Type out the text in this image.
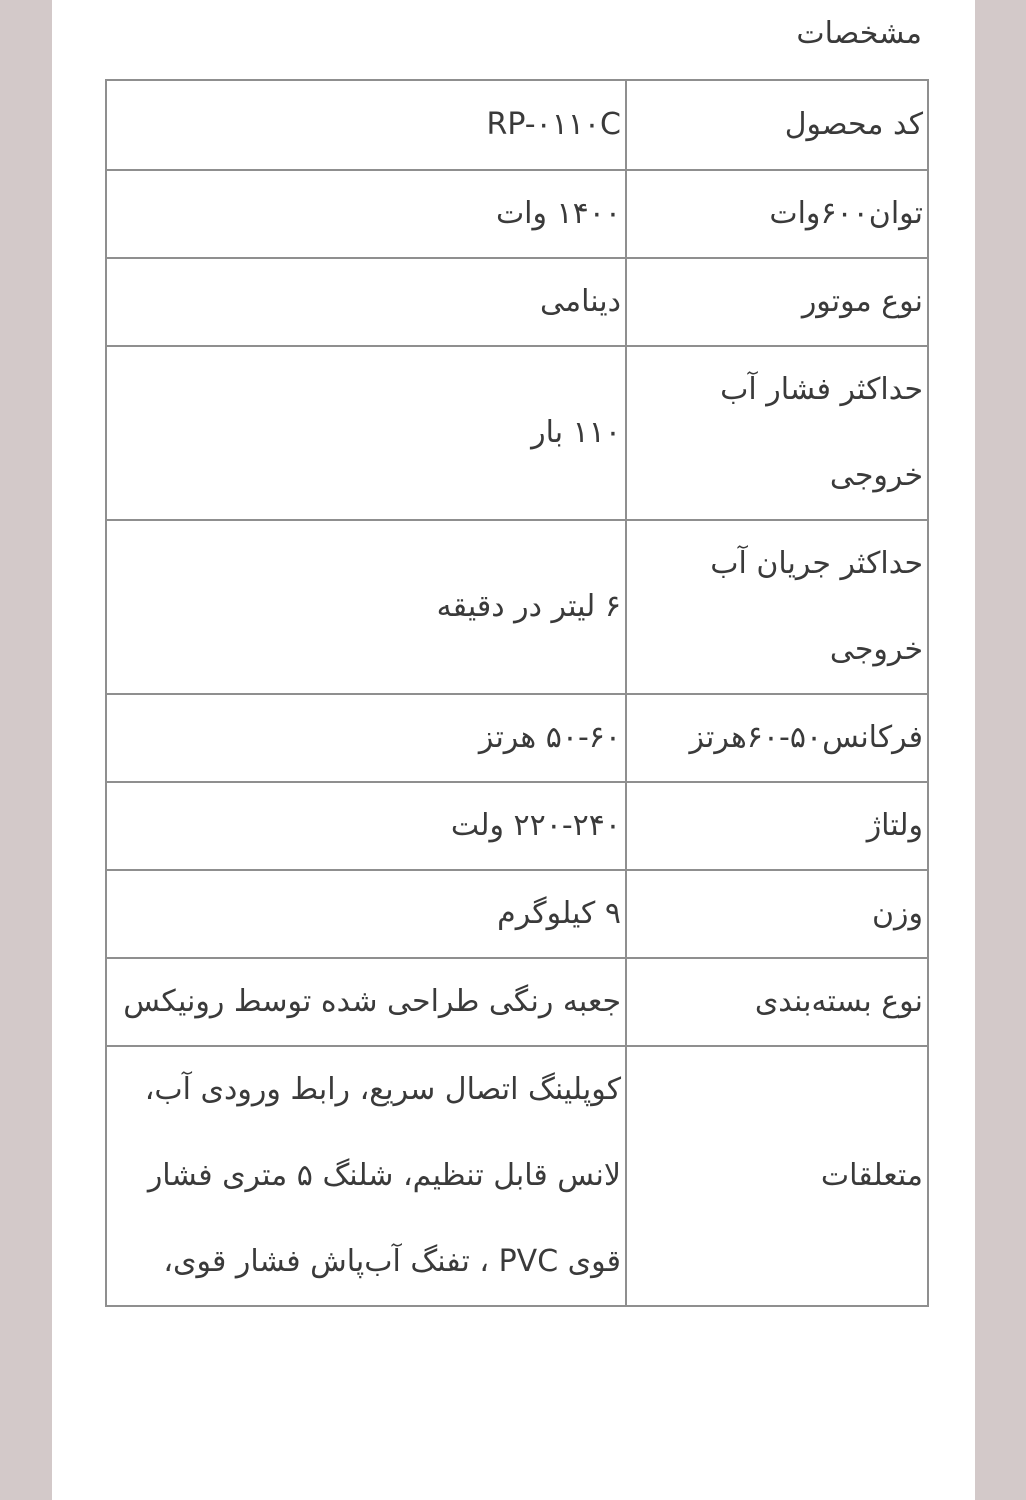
مشخصات
کد محصول	RP-۰۱۱۰C
توان۶۰۰وات	۱۴۰۰ وات
نوع موتور	دینامی
حداکثر فشار آب خروجی	۱۱۰ بار
حداکثر جریان آب خروجی	۶ لیتر در دقیقه
فرکانس۵۰-۶۰هرتز	۵۰-۶۰ هرتز
ولتاژ	۲۲۰-۲۴۰ ولت
وزن	۹ کیلوگرم
نوع بسته‌بندی	جعبه رنگی طراحی شده توسط رونیکس
متعلقات	کوپلینگ اتصال سریع، رابط ورودی آب، لانس قابل تنظیم، شلنگ ۵ متری فشار قوی PVC ، تفنگ آب‌پاش فشار قوی،
